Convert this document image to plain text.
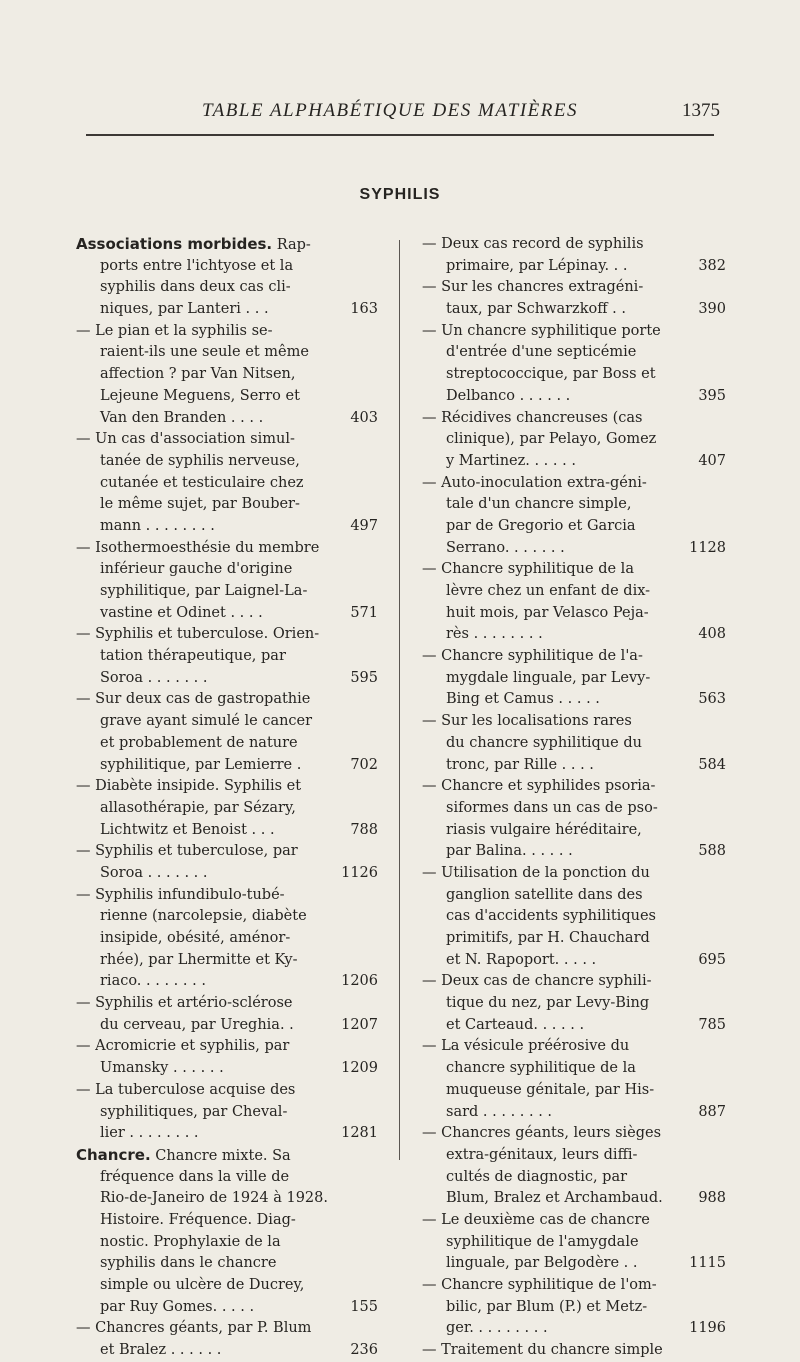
TABLE ALPHABÉTIQUE DES MATIÈRES	1375
SYPHILIS
Associations morbides. Rap-
ports entre l'ichtyose et la
syphilis dans deux cas cli-
niques, par Lanteri . . .	163
— Le pian et la syphilis se-
raient-ils une seule et même
affection ? par Van Nitsen,
Lejeune Meguens, Serro et
Van den Branden . . . .	403
— Un cas d'association simul-
tanée de syphilis nerveuse,
cutanée et testiculaire chez
le même sujet, par Bouber-
mann . . . . . . . .	497
— Isothermoesthésie du membre
inférieur gauche d'origine
syphilitique, par Laignel-La-
vastine et Odinet . . . .	571
— Syphilis et tuberculose. Orien-
tation thérapeutique, par
Soroa . . . . . . .	595
— Sur deux cas de gastropathie
grave ayant simulé le cancer
et probablement de nature
syphilitique, par Lemierre .	702
— Diabète insipide. Syphilis et
allasothérapie, par Sézary,
Lichtwitz et Benoist . . .	788
— Syphilis et tuberculose, par
Soroa . . . . . . .	1126
— Syphilis infundibulo-tubé-
rienne (narcolepsie, diabète
insipide, obésité, aménor-
rhée), par Lhermitte et Ky-
riaco. . . . . . . .	1206
— Syphilis et artério-sclérose
du cerveau, par Ureghia. .	1207
— Acromicrie et syphilis, par
Umansky . . . . . .	1209
— La tuberculose acquise des
syphilitiques, par Cheval-
lier . . . . . . . .	1281
Chancre. Chancre mixte. Sa
fréquence dans la ville de
Rio-de-Janeiro de 1924 à 1928.
Histoire. Fréquence. Diag-
nostic. Prophylaxie de la
syphilis dans le chancre
simple ou ulcère de Ducrey,
par Ruy Gomes. . . . .	155
— Chancres géants, par P. Blum
et Bralez . . . . . .	236
— Deux cas record de syphilis
primaire, par Lépinay. . .	382
— Sur les chancres extragéni-
taux, par Schwarzkoff . .	390
— Un chancre syphilitique porte
d'entrée d'une septicémie
streptococcique, par Boss et
Delbanco . . . . . .	395
— Récidives chancreuses (cas
clinique), par Pelayo, Gomez
y Martinez. . . . . .	407
— Auto-inoculation extra-géni-
tale d'un chancre simple,
par de Gregorio et Garcia
Serrano. . . . . . .	1128
— Chancre syphilitique de la
lèvre chez un enfant de dix-
huit mois, par Velasco Peja-
rès . . . . . . . .	408
— Chancre syphilitique de l'a-
mygdale linguale, par Levy-
Bing et Camus . . . . .	563
— Sur les localisations rares
du chancre syphilitique du
tronc, par Rille . . . .	584
— Chancre et syphilides psoria-
siformes dans un cas de pso-
riasis vulgaire héréditaire,
par Balina. . . . . .	588
— Utilisation de la ponction du
ganglion satellite dans des
cas d'accidents syphilitiques
primitifs, par H. Chauchard
et N. Rapoport. . . . .	695
— Deux cas de chancre syphili-
tique du nez, par Levy-Bing
et Carteaud. . . . . .	785
— La vésicule préérosive du
chancre syphilitique de la
muqueuse génitale, par His-
sard . . . . . . . .	887
— Chancres géants, leurs sièges
extra-génitaux, leurs diffi-
cultés de diagnostic, par
Blum, Bralez et Archambaud. 988
— Le deuxième cas de chancre
syphilitique de l'amygdale
linguale, par Belgodère . .	1115
— Chancre syphilitique de l'om-
bilic, par Blum (P.) et Metz-
ger. . . . . . . . .	1196
— Traitement du chancre simple
